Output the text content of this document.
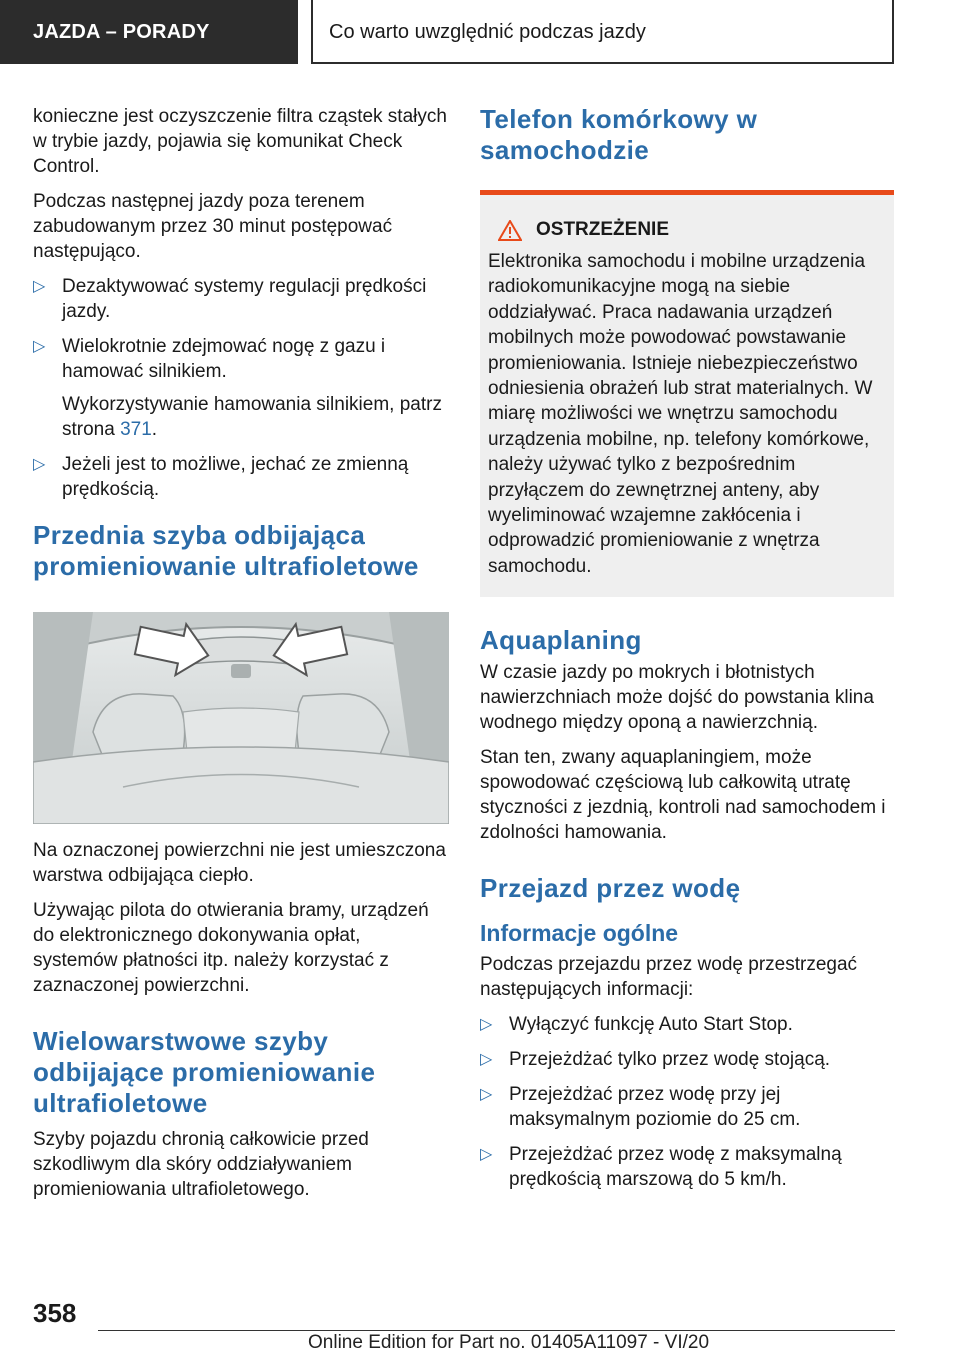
JAZDA – PORADY	Co warto uwzględnić podczas jazdy

konieczne jest oczyszczenie filtra cząstek stałych w trybie jazdy, pojawia się komunikat Check Control.

Podczas następnej jazdy poza terenem zabudowanym przez 30 minut postępować następująco.

▷ Dezaktywować systemy regulacji prędkości jazdy.
▷ Wielokrotnie zdejmować nogę z gazu i hamować silnikiem.
Wykorzystywanie hamowania silnikiem, patrz strona 371.
▷ Jeżeli jest to możliwe, jechać ze zmienną prędkością.
Przednia szyba odbijająca promieniowanie ultrafioletowe

Na oznaczonej powierzchni nie jest umieszczona warstwa odbijająca ciepło.

Używając pilota do otwierania bramy, urządzeń do elektronicznego dokonywania opłat, systemów płatności itp. należy korzystać z zaznaczonej powierzchni.

Wielowarstwowe szyby odbijające promieniowanie ultrafioletowe

Szyby pojazdu chronią całkowicie przed szkodliwym dla skóry oddziaływaniem promieniowania ultrafioletowego.

Telefon komórkowy w samochodzie
OSTRZEŻENIE
Elektronika samochodu i mobilne urządzenia radiokomunikacyjne mogą na siebie oddziaływać. Praca nadawania urządzeń mobilnych może powodować powstawanie promieniowania. Istnieje niebezpieczeństwo odniesienia obrażeń lub strat materialnych. W miarę możliwości we wnętrzu samochodu urządzenia mobilne, np. telefony komórkowe, należy używać tylko z bezpośrednim przyłączem do zewnętrznej anteny, aby wyeliminować wzajemne zakłócenia i odprowadzić promieniowanie z wnętrza samochodu.
Aquaplaning

W czasie jazdy po mokrych i błotnistych nawierzchniach może dojść do powstania klina wodnego między oponą a nawierzchnią.

Stan ten, zwany aquaplaningiem, może spowodować częściową lub całkowitą utratę styczności z jezdnią, kontroli nad samochodem i zdolności hamowania.

Przejazd przez wodę
Informacje ogólne

Podczas przejazdu przez wodę przestrzegać następujących informacji:

▷ Wyłączyć funkcję Auto Start Stop.
▷ Przejeżdżać tylko przez wodę stojącą.
▷ Przejeżdżać przez wodę przy jej maksymalnym poziomie do 25 cm.
▷ Przejeżdżać przez wodę z maksymalną prędkością marszową do 5 km/h.
358
Online Edition for Part no. 01405A11097 - VI/20
